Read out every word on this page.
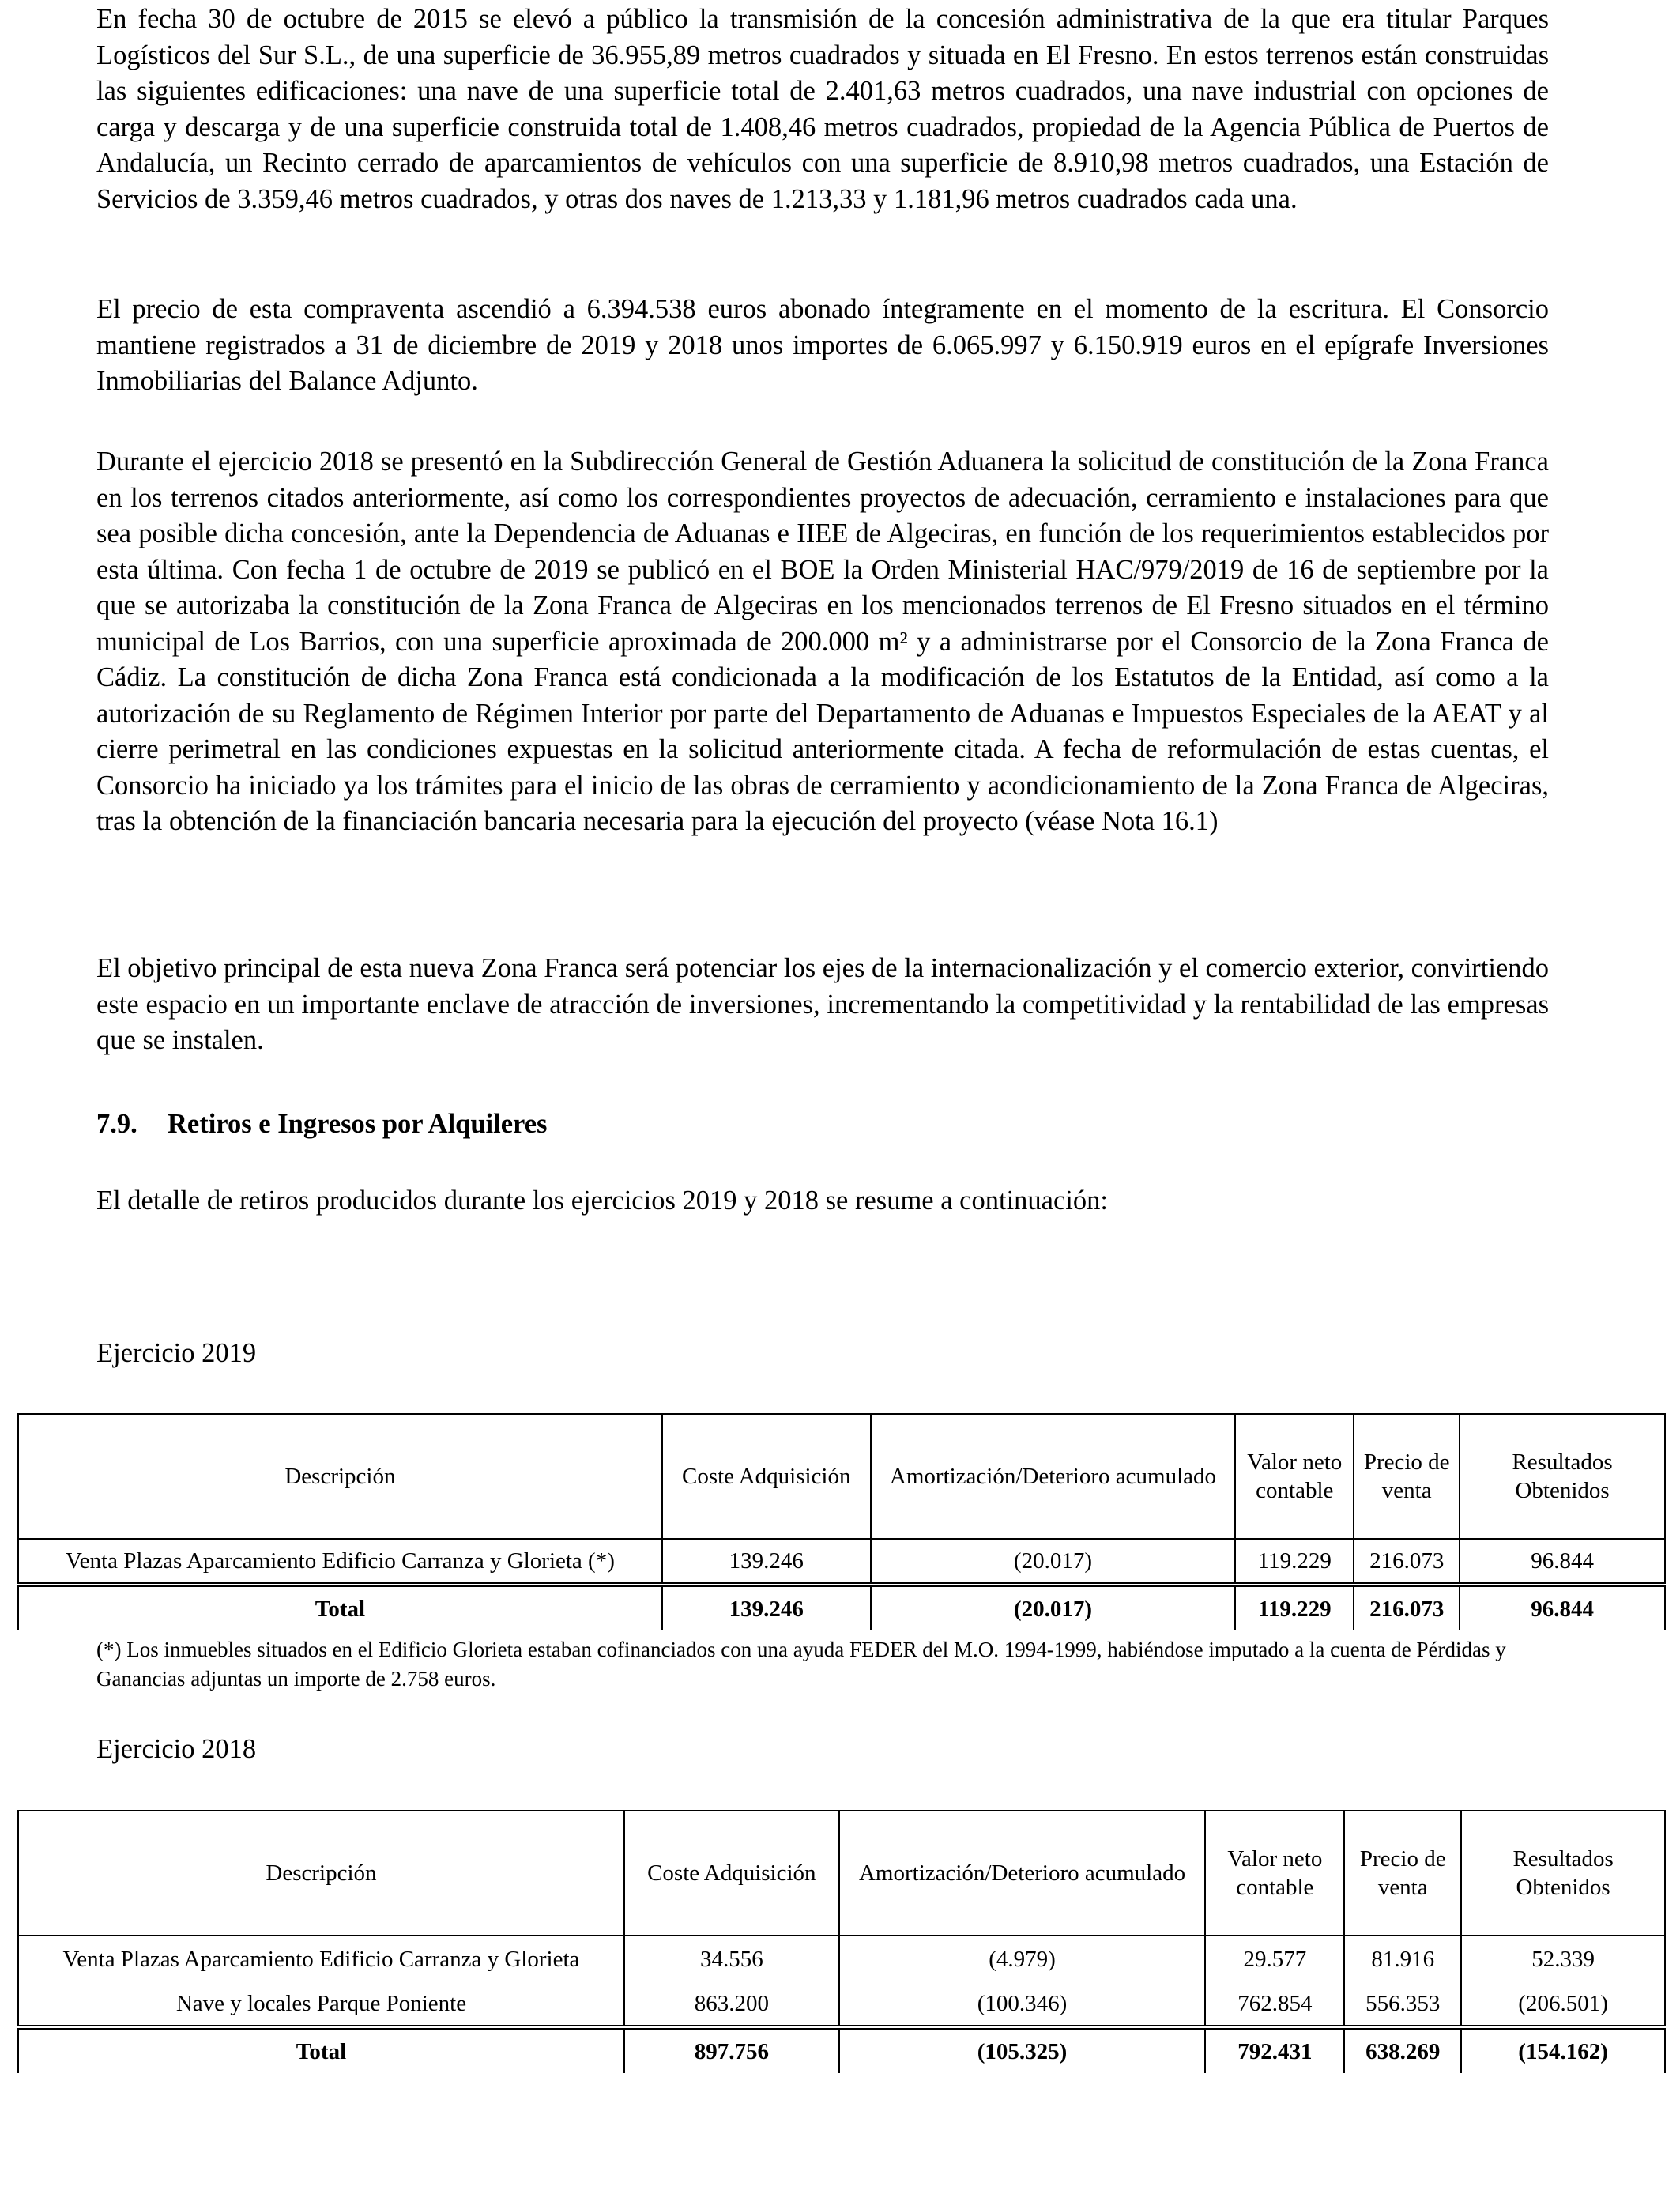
En fecha 30 de octubre de 2015 se elevó a público la transmisión de la concesión administrativa de la que era titular Parques Logísticos del Sur S.L., de una superficie de 36.955,89 metros cuadrados y situada en El Fresno. En estos terrenos están construidas las siguientes edificaciones: una nave de una superficie total de 2.401,63 metros cuadrados, una nave industrial con opciones de carga y descarga y de una superficie construida total de 1.408,46 metros cuadrados, propiedad de la Agencia Pública de Puertos de Andalucía, un Recinto cerrado de aparcamientos de vehículos con una superficie de 8.910,98 metros cuadrados, una Estación de Servicios de 3.359,46 metros cuadrados, y otras dos naves de 1.213,33 y 1.181,96 metros cuadrados cada una.

El precio de esta compraventa ascendió a 6.394.538 euros abonado íntegramente en el momento de la escritura. El Consorcio mantiene registrados a 31 de diciembre de 2019 y 2018 unos importes de 6.065.997 y 6.150.919 euros en el epígrafe Inversiones Inmobiliarias del Balance Adjunto.

Durante el ejercicio 2018 se presentó en la Subdirección General de Gestión Aduanera la solicitud de constitución de la Zona Franca en los terrenos citados anteriormente, así como los correspondientes proyectos de adecuación, cerramiento e instalaciones para que sea posible dicha concesión, ante la Dependencia de Aduanas e IIEE de Algeciras, en función de los requerimientos establecidos por esta última. Con fecha 1 de octubre de 2019 se publicó en el BOE la Orden Ministerial HAC/979/2019 de 16 de septiembre por la que se autorizaba la constitución de la Zona Franca de Algeciras en los mencionados terrenos de El Fresno situados en el término municipal de Los Barrios, con una superficie aproximada de 200.000 m² y a administrarse por el Consorcio de la Zona Franca de Cádiz. La constitución de dicha Zona Franca está condicionada a la modificación de los Estatutos de la Entidad, así como a la autorización de su Reglamento de Régimen Interior por parte del Departamento de Aduanas e Impuestos Especiales de la AEAT y al cierre perimetral en las condiciones expuestas en la solicitud anteriormente citada. A fecha de reformulación de estas cuentas, el Consorcio ha iniciado ya los trámites para el inicio de las obras de cerramiento y acondicionamiento de la Zona Franca de Algeciras, tras la obtención de la financiación bancaria necesaria para la ejecución del proyecto (véase Nota 16.1)

El objetivo principal de esta nueva Zona Franca será potenciar los ejes de la internacionalización y el comercio exterior, convirtiendo este espacio en un importante enclave de atracción de inversiones, incrementando la competitividad y la rentabilidad de las empresas que se instalen.

7.9. Retiros e Ingresos por Alquileres

El detalle de retiros producidos durante los ejercicios 2019 y 2018 se resume a continuación:

Ejercicio 2019

Descripción	Coste Adquisición	Amortización/Deterioro acumulado	Valor neto contable	Precio de venta	Resultados Obtenidos
Venta Plazas Aparcamiento Edificio Carranza y Glorieta (*)	139.246	(20.017)	119.229	216.073	96.844
Total	139.246	(20.017)	119.229	216.073	96.844

(*) Los inmuebles situados en el Edificio Glorieta estaban cofinanciados con una ayuda FEDER del M.O. 1994-1999, habiéndose imputado a la cuenta de Pérdidas y Ganancias adjuntas un importe de 2.758 euros.

Ejercicio 2018

Descripción	Coste Adquisición	Amortización/Deterioro acumulado	Valor neto contable	Precio de venta	Resultados Obtenidos
Venta Plazas Aparcamiento Edificio Carranza y Glorieta	34.556	(4.979)	29.577	81.916	52.339
Nave y locales Parque Poniente	863.200	(100.346)	762.854	556.353	(206.501)
Total	897.756	(105.325)	792.431	638.269	(154.162)
